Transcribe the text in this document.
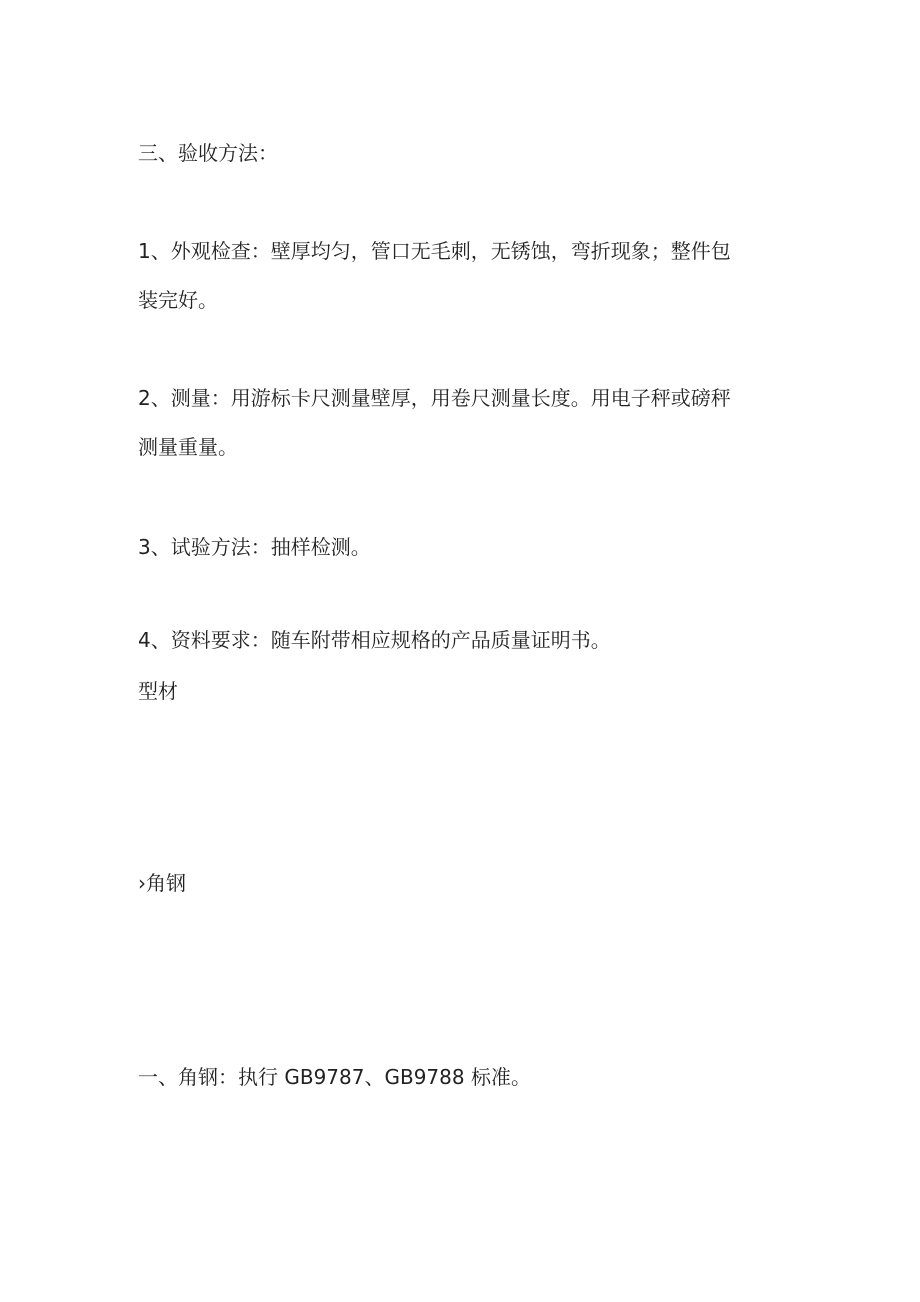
三、验收方法：
1、外观检查：壁厚均匀，管口无毛刺，无锈蚀，弯折现象；整件包
装完好。
2、测量：用游标卡尺测量壁厚，用卷尺测量长度。用电子秤或磅秤
测量重量。
3、试验方法：抽样检测。
4、资料要求：随车附带相应规格的产品质量证明书。
型材
›角钢
一、角钢：执行 GB9787、GB9788 标准。
